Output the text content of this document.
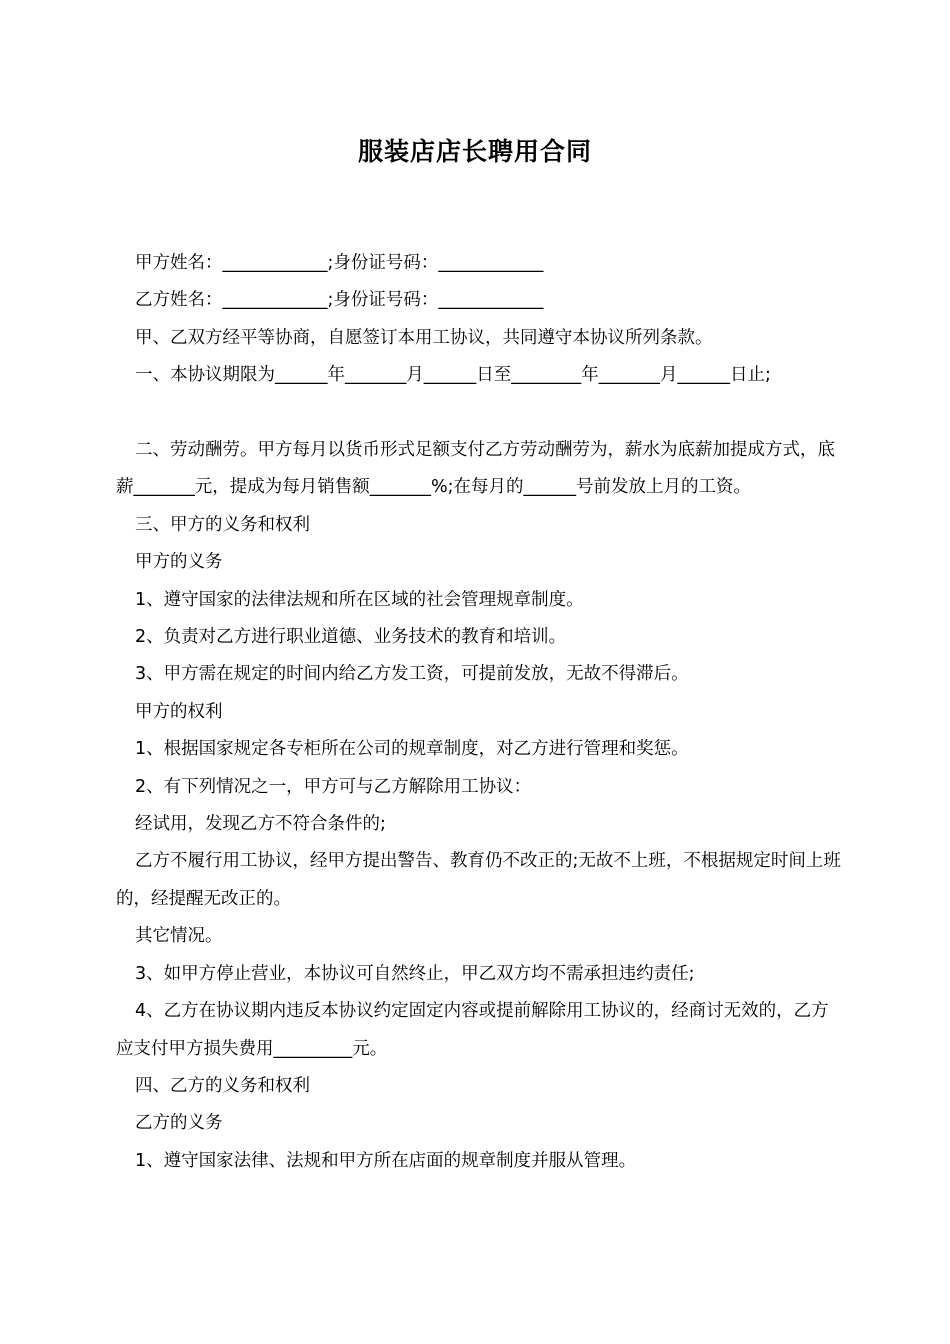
服装店店长聘用合同

甲方姓名：____________;身份证号码：____________

乙方姓名：____________;身份证号码：____________

甲、乙双方经平等协商，自愿签订本用工协议，共同遵守本协议所列条款。

一、本协议期限为______年_______月______日至________年_______月______日止;

二、劳动酬劳。甲方每月以货币形式足额支付乙方劳动酬劳为，薪水为底薪加提成方式，底薪_______元，提成为每月销售额_______%;在每月的______号前发放上月的工资。

三、甲方的义务和权利

甲方的义务

1、遵守国家的法律法规和所在区域的社会管理规章制度。

2、负责对乙方进行职业道德、业务技术的教育和培训。

3、甲方需在规定的时间内给乙方发工资，可提前发放，无故不得滞后。

甲方的权利

1、根据国家规定各专柜所在公司的规章制度，对乙方进行管理和奖惩。

2、有下列情况之一，甲方可与乙方解除用工协议：

经试用，发现乙方不符合条件的;

乙方不履行用工协议，经甲方提出警告、教育仍不改正的;无故不上班，不根据规定时间上班的，经提醒无改正的。

其它情况。

3、如甲方停止营业，本协议可自然终止，甲乙双方均不需承担违约责任;

4、乙方在协议期内违反本协议约定固定内容或提前解除用工协议的，经商讨无效的，乙方应支付甲方损失费用_________元。

四、乙方的义务和权利

乙方的义务

1、遵守国家法律、法规和甲方所在店面的规章制度并服从管理。
